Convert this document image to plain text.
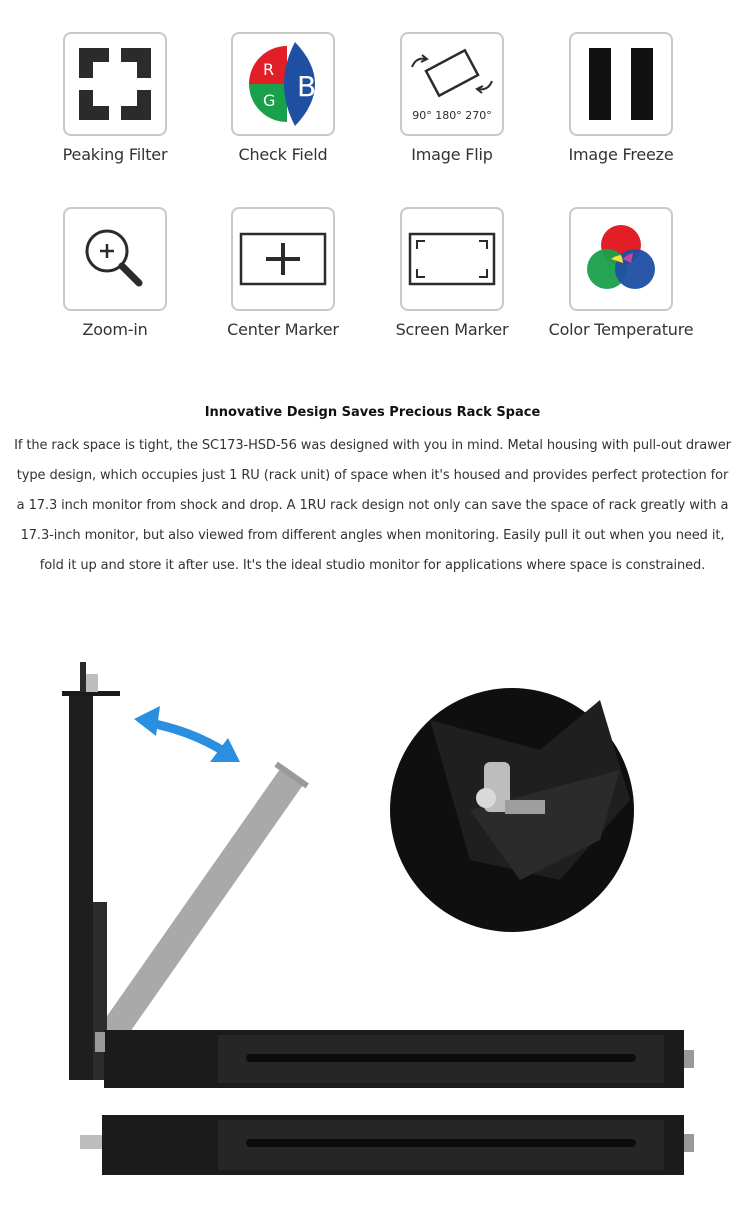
Peaking Filter
R
G B
Check Field
90° 180° 270°
Image Flip	Image Freeze
Zoom-in	Center Marker	Screen Marker	Color Temperature
Innovative Design Saves Precious Rack Space
If the rack space is tight, the SC173-HSD-56 was designed with you in mind. Metal housing with pull-out drawer type design, which occupies just 1 RU (rack unit) of space when it's housed and provides perfect protection for a 17.3 inch monitor from shock and drop. A 1RU rack design not only can save the space of rack greatly with a 17.3-inch monitor, but also viewed from different angles when monitoring. Easily pull it out when you need it, fold it up and store it after use. It's the ideal studio monitor for applications where space is constrained.
